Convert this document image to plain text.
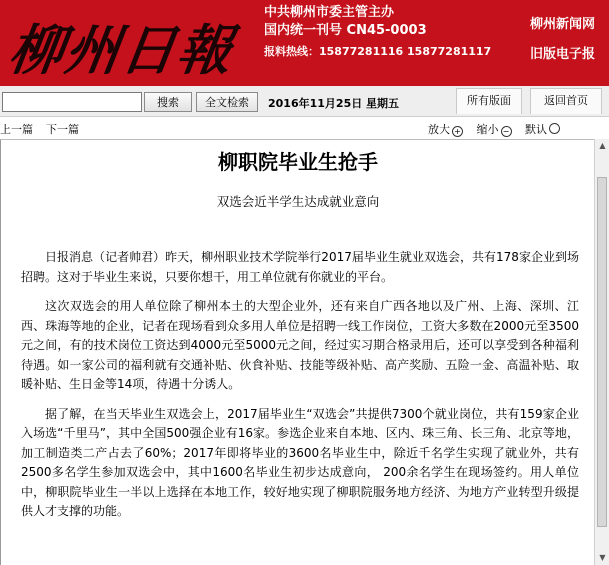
柳州日報
中共柳州市委主管主办
国内统一刊号 CN45-0003
报料热线：15877281116 15877281117
柳州新闻网
旧版电子报
搜索	全文检索	2016年11月25日 星期五	所有版面	返回首页
上一篇 下一篇	放大 + 缩小 − 默认
柳职院毕业生抢手
双选会近半学生达成就业意向

日报消息（记者帅君）昨天，柳州职业技术学院举行2017届毕业生就业双选会，共有178家企业到场招聘。这对于毕业生来说，只要你想干，用工单位就有你就业的平台。

这次双选会的用人单位除了柳州本土的大型企业外，还有来自广西各地以及广州、上海、深圳、江西、珠海等地的企业，记者在现场看到众多用人单位是招聘一线工作岗位，工资大多数在2000元至3500元之间，有的技术岗位工资达到4000元至5000元之间，经过实习期合格录用后，还可以享受到各种福利待遇。如一家公司的福利就有交通补贴、伙食补贴、技能等级补贴、高产奖励、五险一金、高温补贴、取暖补贴、生日金等14项，待遇十分诱人。

据了解，在当天毕业生双选会上，2017届毕业生“双选会”共提供7300个就业岗位，共有159家企业入场选“千里马”，其中全国500强企业有16家。参选企业来自本地、区内、珠三角、长三角、北京等地，加工制造类二产占去了60%；2017年即将毕业的3600名毕业生中，除近千名学生实现了就业外，共有2500多名学生参加双选会中，其中1600名毕业生初步达成意向， 200余名学生在现场签约。用人单位中，柳职院毕业生一半以上选择在本地工作，较好地实现了柳职院服务地方经济、为地方产业转型升级提供人才支撑的功能。

▲
▼
